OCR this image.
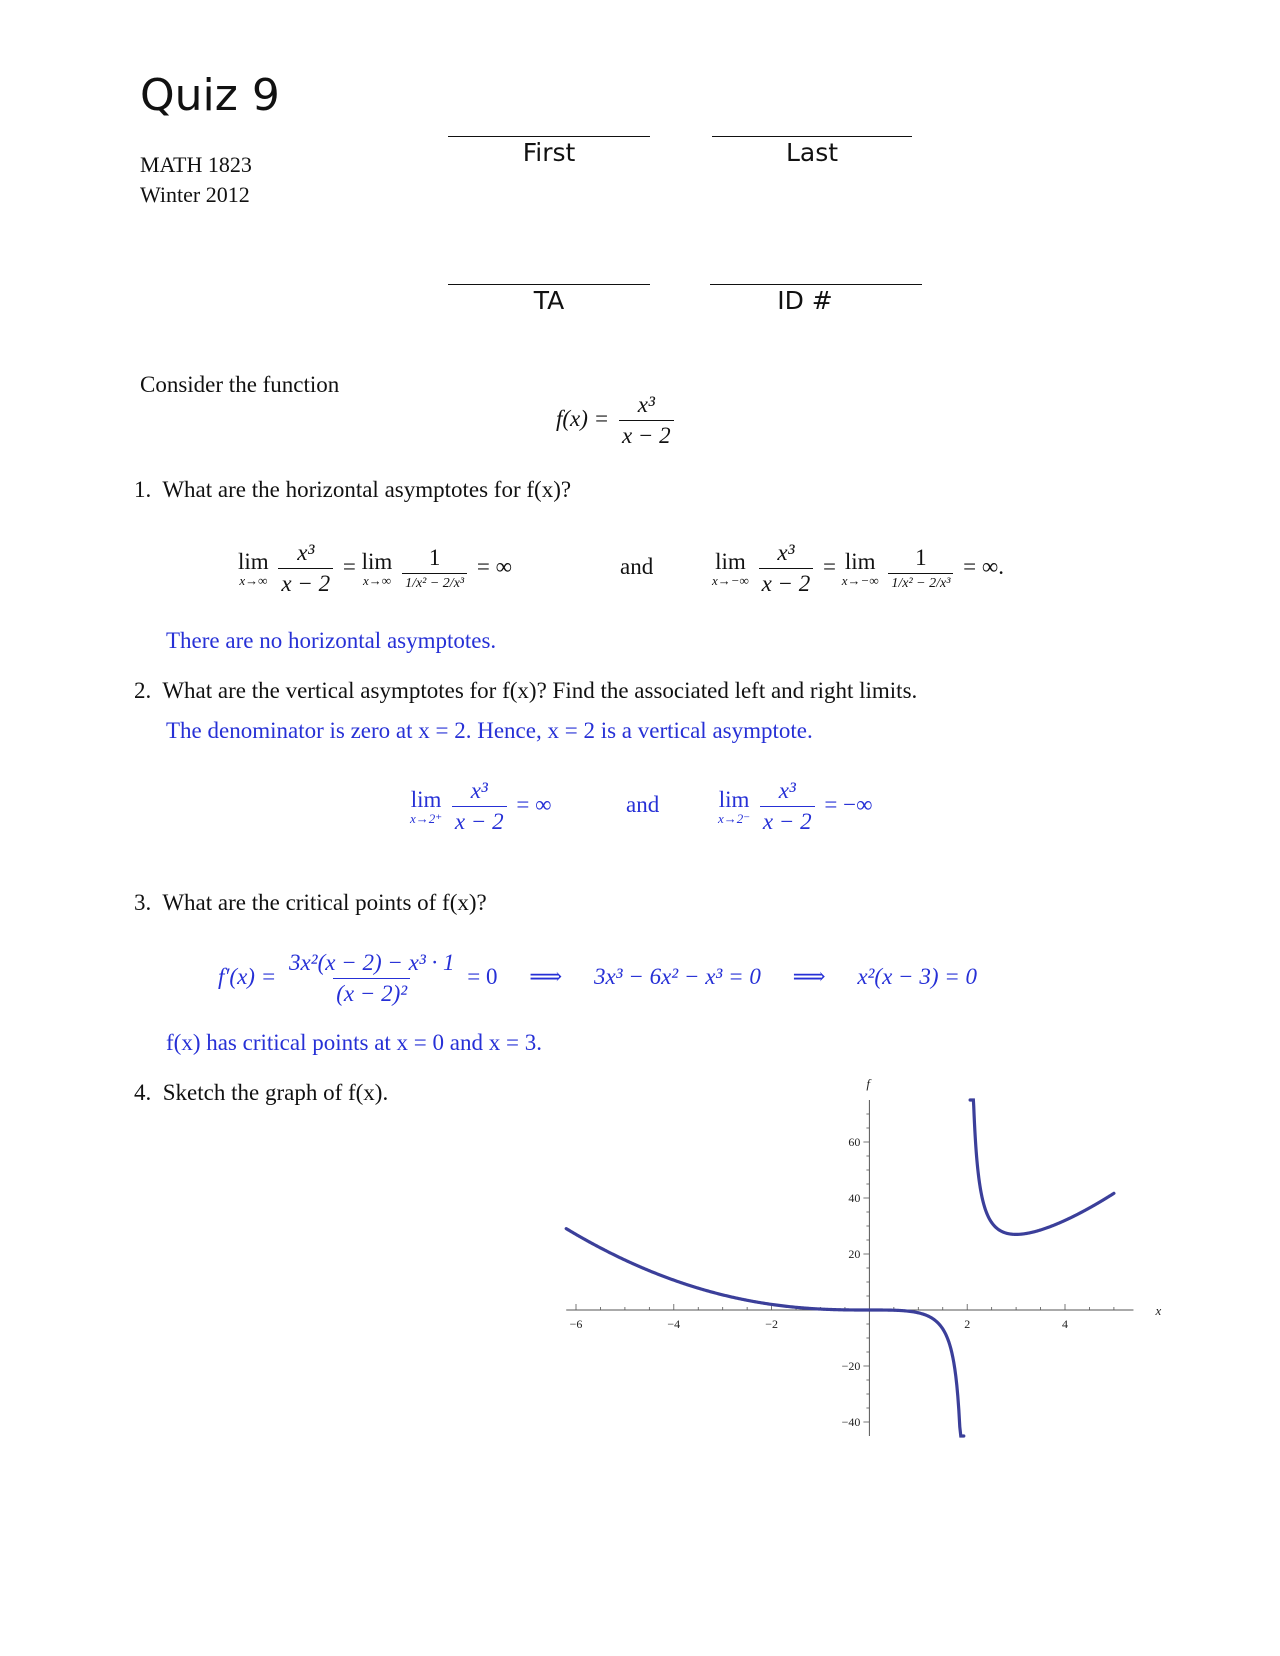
Quiz 9
MATH 1823
Winter 2012
First	Last
TA	ID #
Consider the function
$f(x) = \frac{\text{x³}}{x - 2}$
1. What are the horizontal asymptotes for f(x)?
lim
x→∞
$\frac{\text{x³}}{x - 2} = \lim$
x→∞
$\frac{1}{\text{1/x² − 2/x³}}$ = ∞	and	lim
x→−∞
$\frac{\text{x³}}{x - 2} = \lim$
x→−∞
$\frac{1}{\text{1/x² − 2/x³}}$ = ∞.
There are no horizontal asymptotes.
2. What are the vertical asymptotes for f(x)? Find the associated left and right limits.
The denominator is zero at x = 2. Hence, x = 2 is a vertical asymptote.
lim
x→2⁺
$\frac{\text{x³}}{x - 2}$ = ∞	and	lim
x→2⁻
$\frac{\text{x³}}{x - 2}$ = −∞
3. What are the critical points of f(x)?
$f'(x) = \frac{\text{3x²(x − 2) − x³ · 1}}{\text{(x − 2)²}} = 0$ ⟹ 3x³ − 6x² − x³ = 0 ⟹ x²(x − 3) = 0
f(x) has critical points at x = 0 and x = 3.
4. Sketch the graph of f(x).
x
f
−6	−4	−2	2	4
60
40
20
−20
−40
